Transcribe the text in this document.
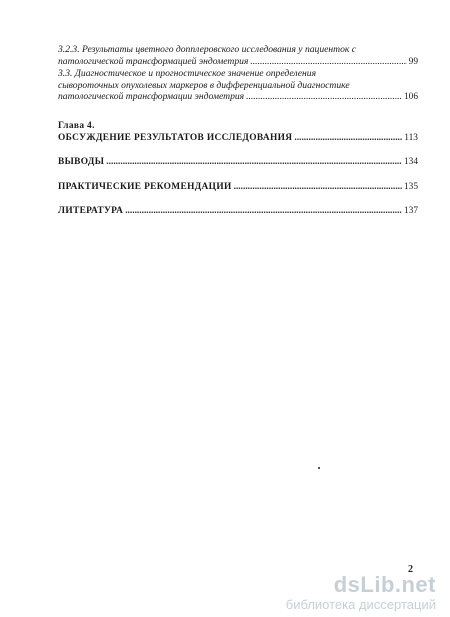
3.2.3. Результаты цветного допплеровского исследования у пациенток с
патологической трансформацией эндометрия .....	99
3.3. Диагностическое и прогностическое значение определения
сывороточных опухолевых маркеров в дифференциальной диагностике
патологической трансформации эндометрия .....	106
Глава 4.
ОБСУЖДЕНИЕ РЕЗУЛЬТАТОВ ИССЛЕДОВАНИЯ .....	113
ВЫВОДЫ .....	134
ПРАКТИЧЕСКИЕ РЕКОМЕНДАЦИИ .....	135
ЛИТЕРАТУРА .....	137
2
dsLib.net
библиотека диссертаций
